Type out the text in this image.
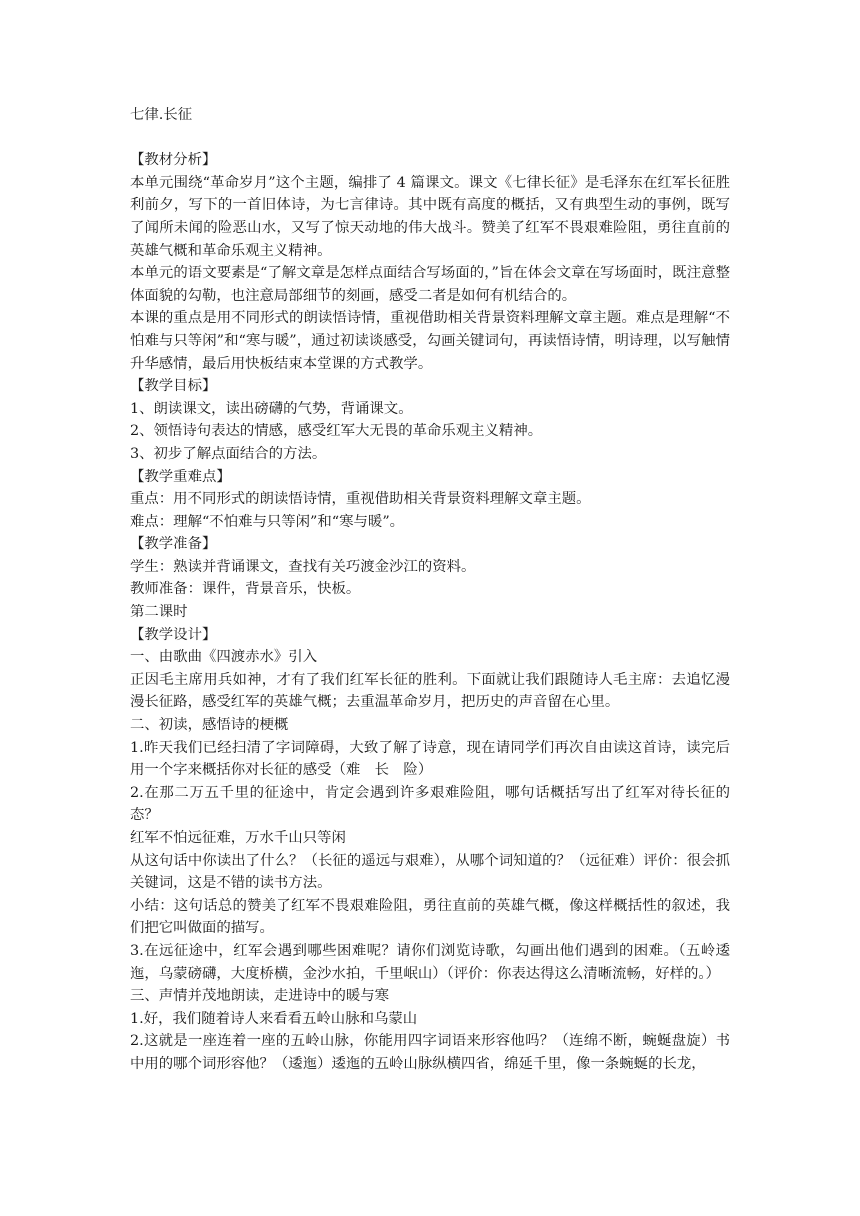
七律.长征

【教材分析】

本单元围绕“革命岁月”这个主题，编排了 4 篇课文。课文《七律长征》是毛泽东在红军长征胜利前夕，写下的一首旧体诗，为七言律诗。其中既有高度的概括，又有典型生动的事例，既写了闻所未闻的险恶山水，又写了惊天动地的伟大战斗。赞美了红军不畏艰难险阻，勇往直前的英雄气概和革命乐观主义精神。

本单元的语文要素是“了解文章是怎样点面结合写场面的，”旨在体会文章在写场面时，既注意整体面貌的勾勒，也注意局部细节的刻画，感受二者是如何有机结合的。

本课的重点是用不同形式的朗读悟诗情，重视借助相关背景资料理解文章主题。难点是理解“不怕难与只等闲”和“寒与暖”，通过初读谈感受，勾画关键词句，再读悟诗情，明诗理，以写触情升华感情，最后用快板结束本堂课的方式教学。

【教学目标】

1、朗读课文，读出磅礴的气势，背诵课文。

2、领悟诗句表达的情感，感受红军大无畏的革命乐观主义精神。

3、初步了解点面结合的方法。

【教学重难点】

重点：用不同形式的朗读悟诗情，重视借助相关背景资料理解文章主题。

难点：理解“不怕难与只等闲”和“寒与暖”。

【教学准备】

学生：熟读并背诵课文，查找有关巧渡金沙江的资料。

教师准备：课件，背景音乐，快板。

第二课时

【教学设计】

一、由歌曲《四渡赤水》引入

正因毛主席用兵如神，才有了我们红军长征的胜利。下面就让我们跟随诗人毛主席：去追忆漫漫长征路，感受红军的英雄气概；去重温革命岁月，把历史的声音留在心里。

二、初读，感悟诗的梗概

1.昨天我们已经扫清了字词障碍，大致了解了诗意，现在请同学们再次自由读这首诗，读完后用一个字来概括你对长征的感受（难　长　险）

2.在那二万五千里的征途中，肯定会遇到许多艰难险阻，哪句话概括写出了红军对待长征的态？

红军不怕远征难，万水千山只等闲

从这句话中你读出了什么？（长征的遥远与艰难），从哪个词知道的？（远征难）评价：很会抓关键词，这是不错的读书方法。

小结：这句话总的赞美了红军不畏艰难险阻，勇往直前的英雄气概，像这样概括性的叙述，我们把它叫做面的描写。

3.在远征途中，红军会遇到哪些困难呢？请你们浏览诗歌，勾画出他们遇到的困难。（五岭逶迤，乌蒙磅礴，大度桥横，金沙水拍，千里岷山）（评价：你表达得这么清晰流畅，好样的。）

三、声情并茂地朗读，走进诗中的暖与寒

1.好，我们随着诗人来看看五岭山脉和乌蒙山

2.这就是一座连着一座的五岭山脉，你能用四字词语来形容他吗？（连绵不断，蜿蜒盘旋）书中用的哪个词形容他？（逶迤）逶迤的五岭山脉纵横四省，绵延千里，像一条蜿蜒的长龙，
